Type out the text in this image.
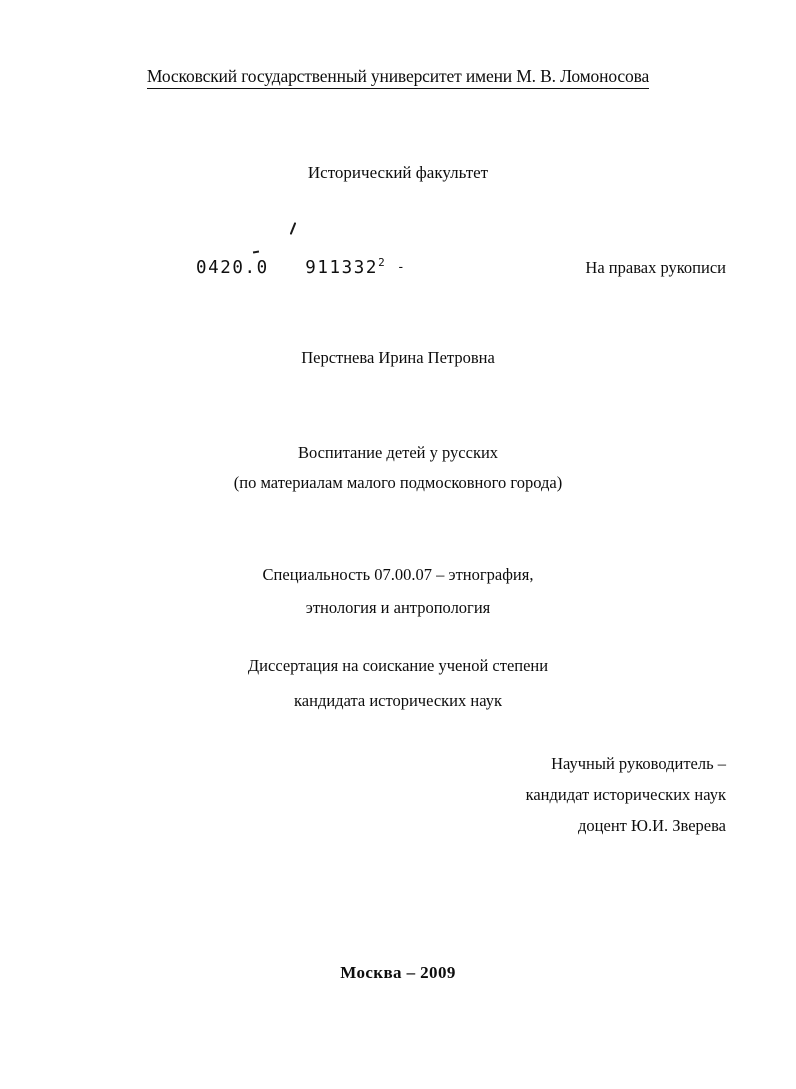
Московский государственный университет имени М. В. Ломоносова
Исторический факультет
0420.0 911332$^2$ -	На правах рукописи
Перстнева Ирина Петровна
Воспитание детей у русских
(по материалам малого подмосковного города)
Специальность 07.00.07 – этнография,
этнология и антропология
Диссертация на соискание ученой степени
кандидата исторических наук
Научный руководитель –
кандидат исторических наук
доцент Ю.И. Зверева
Москва – 2009
